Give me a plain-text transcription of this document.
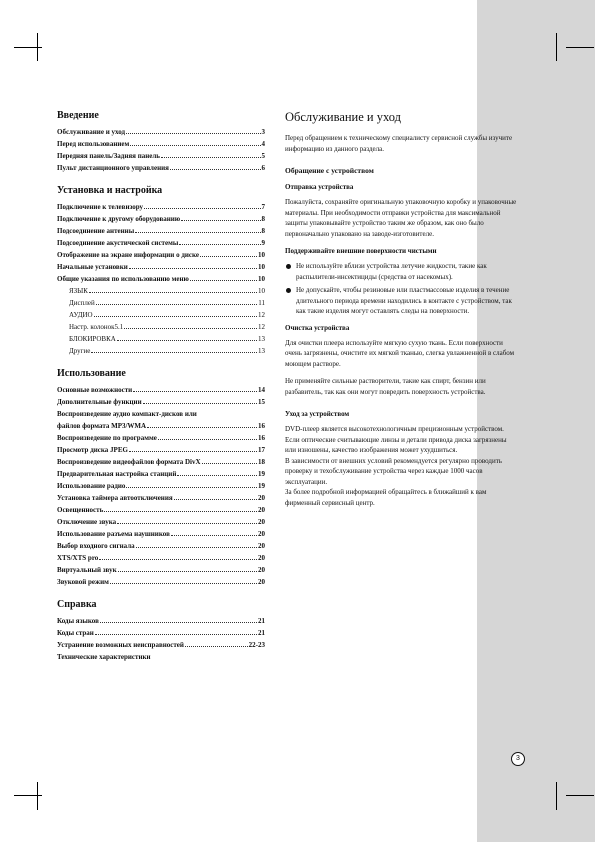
Введение
Обслуживание и уход	3
Перед использованием	4
Передняя панель/Задняя панель	5
Пульт дистанционного управления	6
Установка и настройка
Подключение к телевизору	7
Подключение к другому оборудованию	8
Подсоединение антенны	8
Подсоединение акустической системы	9
Отображение на экране информации о диске	10
Начальные установки	10
Общие указания по использованию меню	10
ЯЗЫК	10
Дисплей	11
АУДИО	12
Настр. колонок5.1	12
БЛОКИРОВКА	13
Другие	13
Использование
Основные возможности	14
Дополнительные функции	15
Воспроизведение аудио компакт-дисков или
файлов формата MP3/WMA	16
Воспроизведение по программе	16
Просмотр диска JPEG	17
Воспроизведение видеофайлов формата DivX	18
Предварительная настройка станций	19
Использование радио	19
Установка таймера автоотключения	20
Освещенность	20
Отключение звука	20
Использование разъема наушников	20
Выбор входного сигнала	20
XTS/XTS pro	20
Виртуальный звук	20
Звуковой режим	20
Справка
Коды языков	21
Коды стран	21
Устранение возможных неисправностей	22-23
Технические характеристики
Обслуживание и уход

Перед обращением к техническому специалисту сервисной службы изучите информацию из данного раздела.

Обращение с устройством
Отправка устройства

Пожалуйста, сохраняйте оригинальную упаковочную коробку и упаковочные материалы. При необходимости отправки устройства для максимальной защиты упаковывайте устройство таким же образом, как оно было первоначально упаковано на заводе-изготовителе.

Поддерживайте внешние поверхности чистыми
Не используйте вблизи устройства летучие жидкости, такие как распылители-инсектициды (средства от насекомых).
Не допускайте, чтобы резиновые или пластмассовые изделия в течение длительного периода времени находились в контакте с устройством, так как такие изделия могут оставлять следы на поверхности.
Очистка устройства

Для очистки плеера используйте мягкую сухую ткань. Если поверхности очень загрязнены, очистите их мягкой тканью, слегка увлажненной в слабом моющем растворе.

Не применяйте сильные растворители, такие как спирт, бензин или разбавитель, так как они могут повредить поверхность устройства.

Уход за устройством

DVD-плеер является высокотехнологичным прецизионным устройством. Если оптические считывающие линзы и детали привода диска загрязнены или изношены, качество изображения может ухудшиться.

В зависимости от внешних условий рекомендуется регулярно проводить проверку и техобслуживание устройства через каждые 1000 часов эксплуатации.

За более подробной информацией обращайтесь в ближайший к вам фирменный сервисный центр.

3
